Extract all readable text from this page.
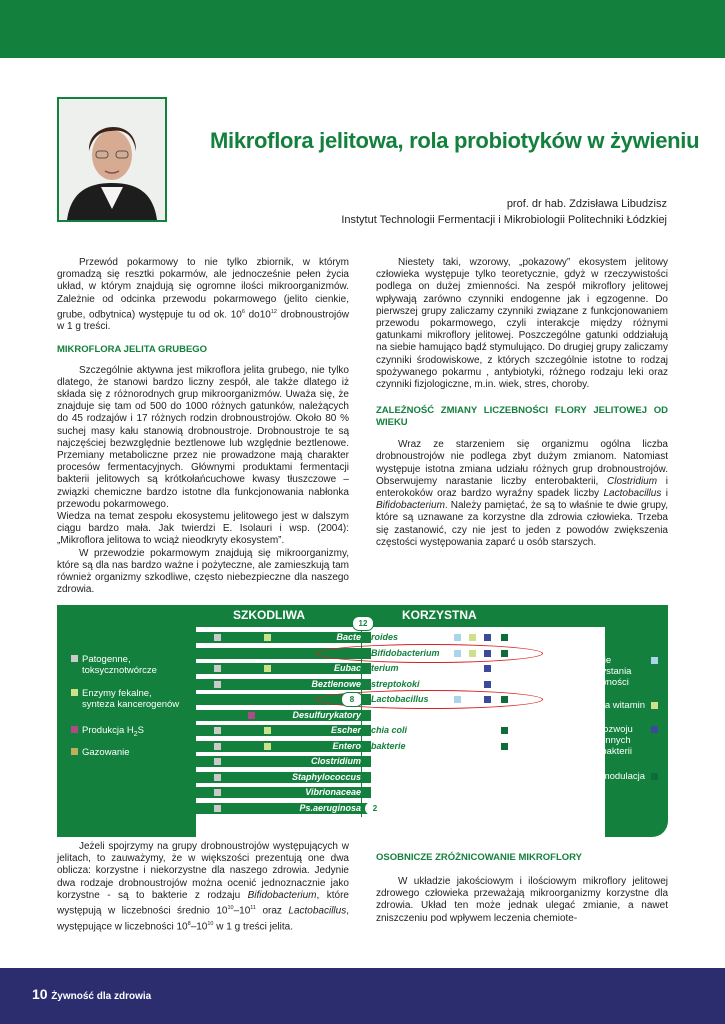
Mikroflora jelitowa, rola probiotyków w żywieniu
prof. dr hab. Zdzisława Libudzisz
Instytut Technologii Fermentacji i Mikrobiologii Politechniki Łódzkiej

Przewód pokarmowy to nie tylko zbiornik, w którym gromadzą się resztki pokarmów, ale jednocześnie pełen życia układ, w którym znajdują się ogromne ilości mikroorganizmów. Zależnie od odcinka przewodu pokarmowego (jelito cienkie, grube, odbytnica) występuje tu od ok. $10^6$ $do10^{12}$ drobnoustrojów w 1 g treści.

MIKROFLORA JELITA GRUBEGO

Szczególnie aktywna jest mikroflora jelita grubego, nie tylko dlatego, że stanowi bardzo liczny zespół, ale także dlatego iż składa się z różnorodnych grup mikroorganizmów. Uważa się, że znajduje się tam od 500 do 1000 różnych gatunków, należących do 45 rodzajów i 17 różnych rodzin drobnoustrojów. Około 80 % suchej masy kału stanowią drobnoustroje. Drobnoustroje te są najczęściej bezwzględnie beztlenowe lub względnie beztlenowe. Przemiany metaboliczne przez nie prowadzone mają charakter procesów fermentacyjnych. Głównymi produktami fermentacji bakterii jelitowych są krótkołańcuchowe kwasy tłuszczowe – związki chemiczne bardzo istotne dla funkcjonowania nabłonka przewodu pokarmowego.

Wiedza na temat zespołu ekosystemu jelitowego jest w dalszym ciągu bardzo mała. Jak twierdzi E. Isolauri i wsp. (2004): „Mikroflora jelitowa to wciąż nieodkryty ekosystem”.

W przewodzie pokarmowym znajdują się mikroorganizmy, które są dla nas bardzo ważne i pożyteczne, ale zamieszkują tam również organizmy szkodliwe, często niebezpieczne dla naszego zdrowia.

Niestety taki, wzorowy, „pokazowy” ekosystem jelitowy człowieka występuje tylko teoretycznie, gdyż w rzeczywistości podlega on dużej zmienności. Na zespół mikroflory jelitowej wpływają zarówno czynniki endogenne jak i egzogenne. Do pierwszej grupy zaliczamy czynniki związane z funkcjonowaniem przewodu pokarmowego, czyli interakcje między różnymi gatunkami mikroflory jelitowej. Poszczególne gatunki oddziałują na siebie hamująco bądź stymulująco. Do drugiej grupy zaliczamy czynniki środowiskowe, z których szczególnie istotne to rodzaj spożywanego pokarmu , antybiotyki, różnego rodzaju leki oraz czynniki fizjologiczne, m.in. wiek, stres, choroby.

ZALEŻNOŚĆ ZMIANY LICZEBNOŚCI FLORY JELITOWEJ OD WIEKU

Wraz ze starzeniem się organizmu ogólna liczba drobnoustrojów nie podlega zbyt dużym zmianom. Natomiast występuje istotna zmiana udziału różnych grup drobnoustrojów. Obserwujemy narastanie liczby enterobakterii, Clostridium i enterokoków oraz bardzo wyraźny spadek liczby Lactobacillus i Bifidobacterium. Należy pamiętać, że są to właśnie te dwie grupy, które są uznawane za korzystne dla zdrowia człowieka. Trzeba się zastanowić, czy nie jest to jeden z powodów zwiększenia częstości występowania zaparć u osób starszych.

SZKODLIWA	KORZYSTNA
Bacte roides
Bifidobacterium
Eubac terium
Beztlenowe streptokoki
Lactobacillus
Desulfurykatory
Escher chia coli
Entero bakterie
Clostridium
Staphylococcus
Vibrionaceae
Ps.aeruginosa
8
12
2
Log jtk/g
Patogenne,
toksycznotwórcze
Enzymy fekalne,
synteza kancerogenów
Produkcja $H_2S$
Gazowanie
Zwiększenie
stopnia wykorzystania
składników żywności
Synteza witamin
Hamowanie rozwoju
patogenów i innych
szkodliwych bakterii
Immunomodulacja

Jeżeli spojrzymy na grupy drobnoustrojów występujących w jelitach, to zauważymy, że w większości prezentują one dwa oblicza: korzystne i niekorzystne dla naszego zdrowia. Jedynie dwa rodzaje drobnoustrojów można ocenić jednoznacznie jako korzystne - są to bakterie z rodzaju Bifidobacterium, które występują w liczebności średnio $10^{10}-10^{11}$ oraz Lactobacillus, występujące w liczebności $10^8-10^{10}$ w 1 g treści jelita.

OSOBNICZE ZRÓŻNICOWANIE MIKROFLORY

W układzie jakościowym i ilościowym mikroflory jelitowej zdrowego człowieka przeważają mikroorganizmy korzystne dla zdrowia. Układ ten może jednak ulegać zmianie, a nawet zniszczeniu pod wpływem leczenia chemiote-

10 Żywność dla zdrowia
